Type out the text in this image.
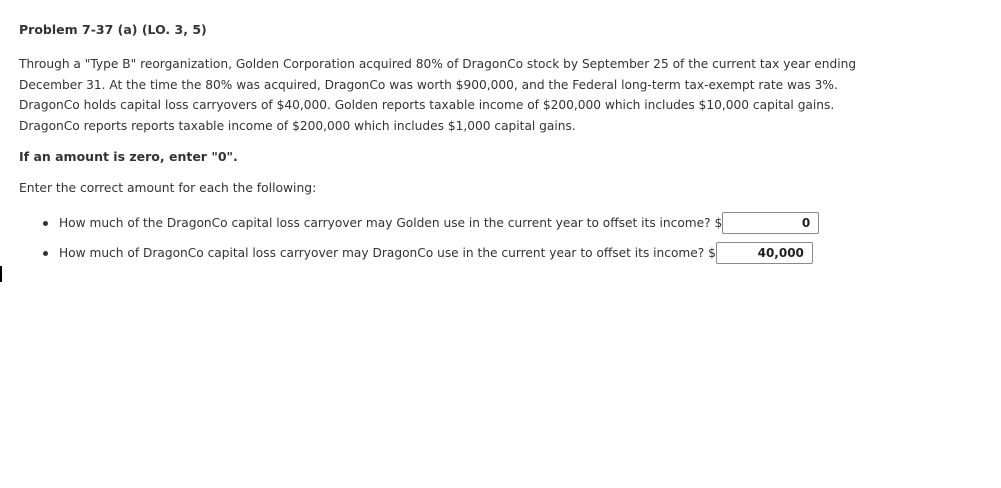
Problem 7-37 (a) (LO. 3, 5)
Through a "Type B" reorganization, Golden Corporation acquired 80% of DragonCo stock by September 25 of the current tax year ending
December 31. At the time the 80% was acquired, DragonCo was worth $900,000, and the Federal long-term tax-exempt rate was 3%.
DragonCo holds capital loss carryovers of $40,000. Golden reports taxable income of $200,000 which includes $10,000 capital gains.
DragonCo reports reports taxable income of $200,000 which includes $1,000 capital gains.
If an amount is zero, enter "0".
Enter the correct amount for each the following:
How much of the DragonCo capital loss carryover may Golden use in the current year to offset its income? $
0
How much of DragonCo capital loss carryover may DragonCo use in the current year to offset its income? $
40,000
